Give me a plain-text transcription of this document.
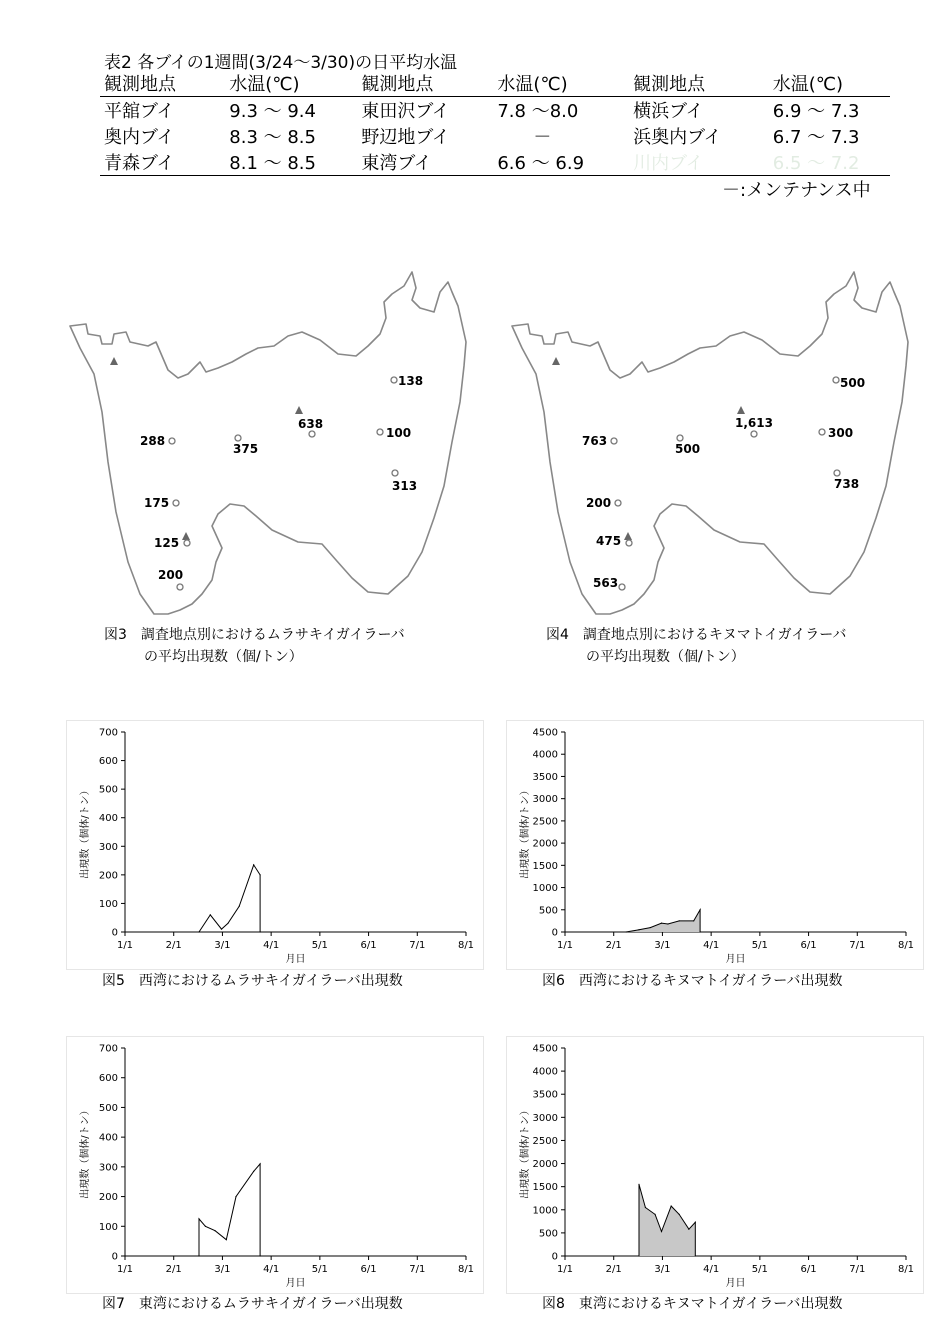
表2 各ブイの1週間(3/24～3/30)の日平均水温
観測地点	水温(℃)	観測地点	水温(℃)	観測地点	水温(℃)
平舘ブイ	9.3 ～ 9.4	東田沢ブイ	7.8 ～8.0	横浜ブイ	6.9 ～ 7.3
奥内ブイ	8.3 ～ 8.5	野辺地ブイ	－	浜奥内ブイ	6.7 ～ 7.3
青森ブイ	8.1 ～ 8.5	東湾ブイ	6.6 ～ 6.9	川内ブイ	6.5 ～ 7.2
－:メンテナンス中
288
375
638
138
100
313
175
125
200
763
500
1,613
500
300
738
200
475
563
図3　調査地点別におけるムラサキイガイラーバ
の平均出現数（個/トン）
図4　調査地点別におけるキヌマトイガイラーバ
の平均出現数（個/トン）
0
100
200
300
400
500
600
700
1/1	2/1	3/1	4/1	5/1	6/1	7/1	8/1
月日
出現数（個体/トン）
図5　西湾におけるムラサキイガイラーバ出現数
0
500
1000
1500
2000
2500
3000
3500
4000
4500
1/1	2/1	3/1	4/1	5/1	6/1	7/1	8/1
月日
出現数（個体/トン）
図6　西湾におけるキヌマトイガイラーバ出現数
0
100
200
300
400
500
600
700
1/1	2/1	3/1	4/1	5/1	6/1	7/1	8/1
月日
出現数（個体/トン）
図7　東湾におけるムラサキイガイラーバ出現数
0
500
1000
1500
2000
2500
3000
3500
4000
4500
1/1	2/1	3/1	4/1	5/1	6/1	7/1	8/1
月日
出現数（個体/トン）
図8　東湾におけるキヌマトイガイラーバ出現数
